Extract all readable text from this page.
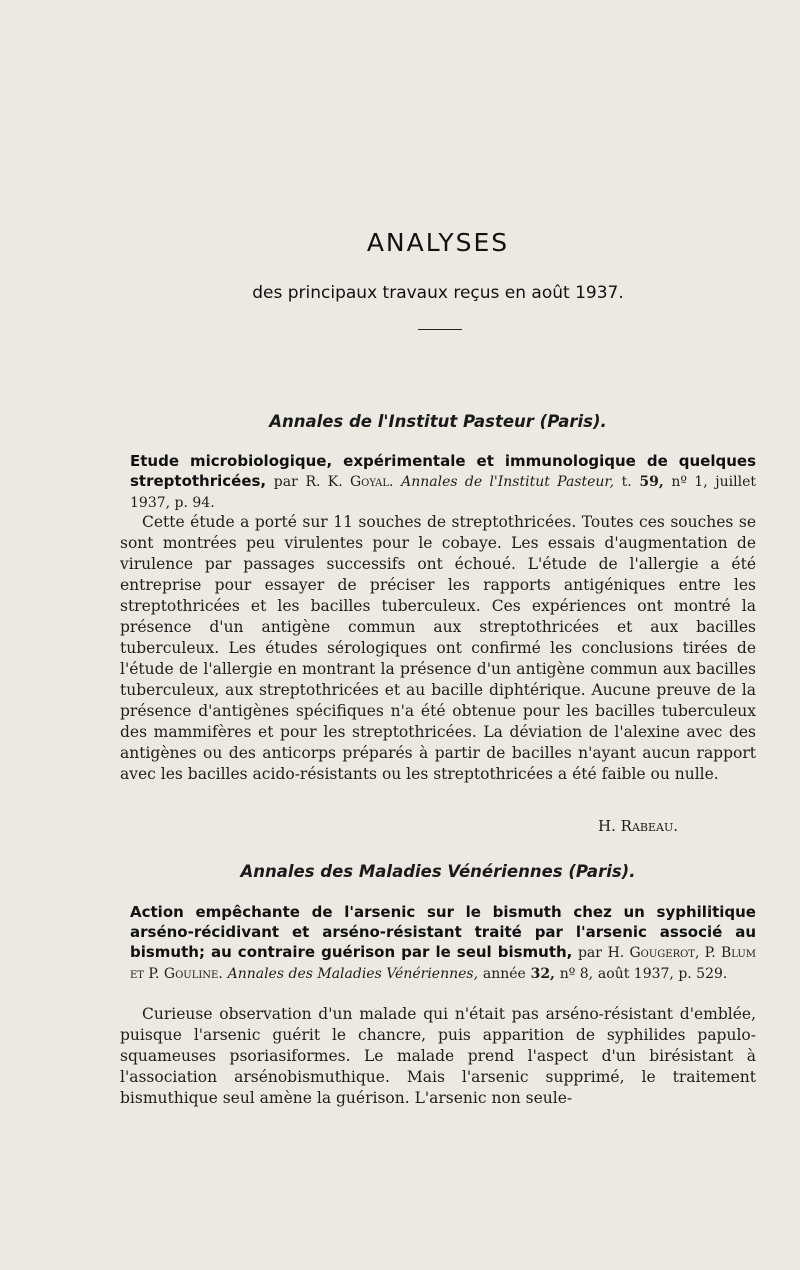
ANALYSES
des principaux travaux reçus en août 1937.
Annales de l'Institut Pasteur (Paris).
Etude microbiologique, expérimentale et immunologique de quelques streptothricées, par R. K. Goyal. Annales de l'Institut Pasteur, t. 59, nº 1, juillet 1937, p. 94.
Cette étude a porté sur 11 souches de streptothricées. Toutes ces souches se sont montrées peu virulentes pour le cobaye. Les essais d'augmentation de virulence par passages successifs ont échoué. L'étude de l'allergie a été entreprise pour essayer de préciser les rapports antigéniques entre les streptothricées et les bacilles tuberculeux. Ces expériences ont montré la présence d'un antigène commun aux streptothricées et aux bacilles tuberculeux. Les études sérologiques ont confirmé les conclusions tirées de l'étude de l'allergie en montrant la présence d'un antigène commun aux bacilles tuberculeux, aux streptothricées et au bacille diphtérique. Aucune preuve de la présence d'antigènes spécifiques n'a été obtenue pour les bacilles tuberculeux des mammifères et pour les streptothricées. La déviation de l'alexine avec des antigènes ou des anticorps préparés à partir de bacilles n'ayant aucun rapport avec les bacilles acido-résistants ou les streptothricées a été faible ou nulle.
H. Rabeau.
Annales des Maladies Vénériennes (Paris).
Action empêchante de l'arsenic sur le bismuth chez un syphilitique arséno-récidivant et arséno-résistant traité par l'arsenic associé au bismuth; au contraire guérison par le seul bismuth, par H. Gougerot, P. Blum et P. Gouline. Annales des Maladies Vénériennes, année 32, nº 8, août 1937, p. 529.
Curieuse observation d'un malade qui n'était pas arséno-résistant d'emblée, puisque l'arsenic guérit le chancre, puis apparition de syphilides papulo-squameuses psoriasiformes. Le malade prend l'aspect d'un birésistant à l'association arsénobismuthique. Mais l'arsenic supprimé, le traitement bismuthique seul amène la guérison. L'arsenic non seule-
